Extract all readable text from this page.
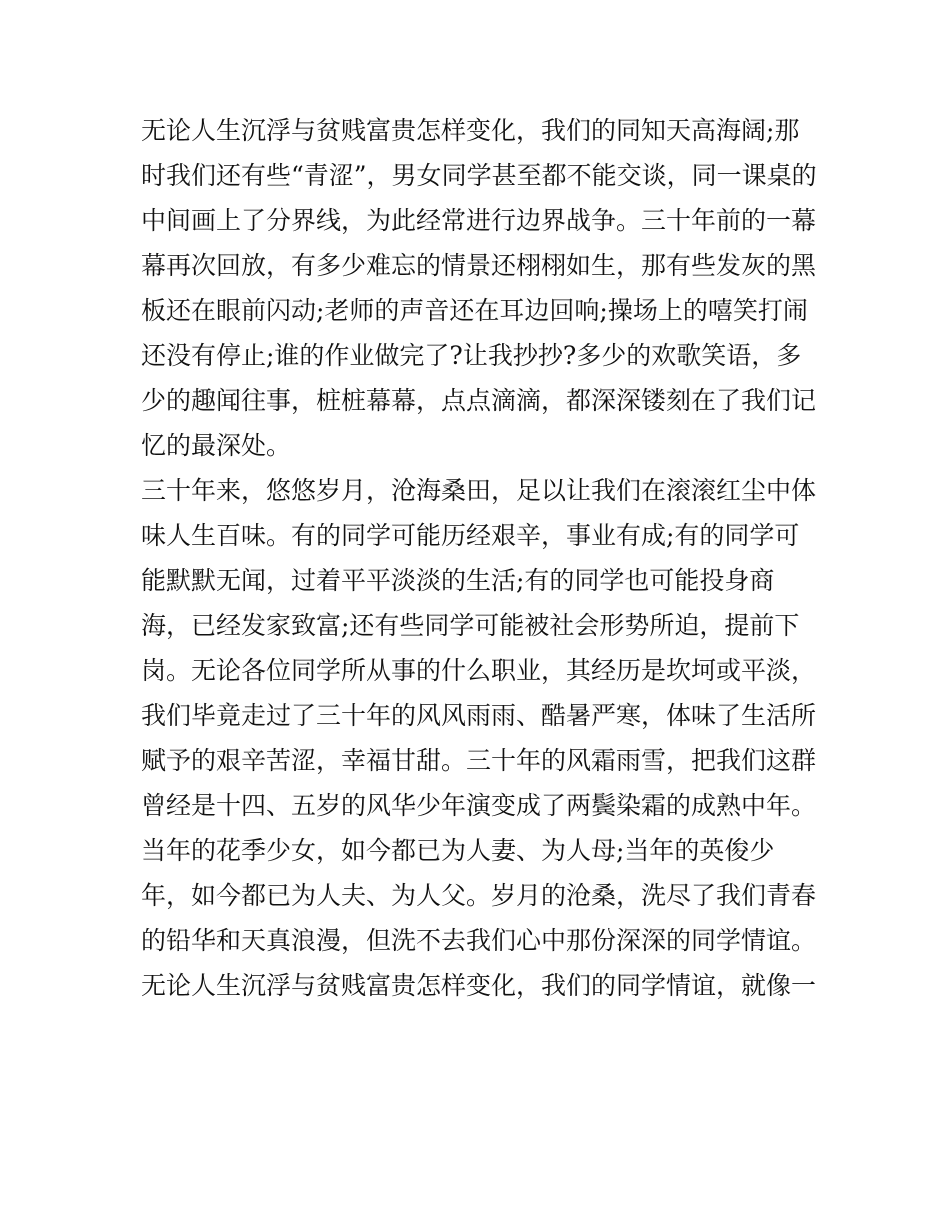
无论人生沉浮与贫贱富贵怎样变化，我们的同知天高海阔;那
时我们还有些“青涩”，男女同学甚至都不能交谈，同一课桌的
中间画上了分界线，为此经常进行边界战争。三十年前的一幕
幕再次回放，有多少难忘的情景还栩栩如生，那有些发灰的黑
板还在眼前闪动;老师的声音还在耳边回响;操场上的嘻笑打闹
还没有停止;谁的作业做完了?让我抄抄?多少的欢歌笑语，多
少的趣闻往事，桩桩幕幕，点点滴滴，都深深镂刻在了我们记
忆的最深处。
三十年来，悠悠岁月，沧海桑田，足以让我们在滚滚红尘中体
味人生百味。有的同学可能历经艰辛，事业有成;有的同学可
能默默无闻，过着平平淡淡的生活;有的同学也可能投身商
海，已经发家致富;还有些同学可能被社会形势所迫，提前下
岗。无论各位同学所从事的什么职业，其经历是坎坷或平淡，
我们毕竟走过了三十年的风风雨雨、酷暑严寒，体味了生活所
赋予的艰辛苦涩，幸福甘甜。三十年的风霜雨雪，把我们这群
曾经是十四、五岁的风华少年演变成了两鬓染霜的成熟中年。
当年的花季少女，如今都已为人妻、为人母;当年的英俊少
年，如今都已为人夫、为人父。岁月的沧桑，洗尽了我们青春
的铅华和天真浪漫，但洗不去我们心中那份深深的同学情谊。
无论人生沉浮与贫贱富贵怎样变化，我们的同学情谊，就像一
